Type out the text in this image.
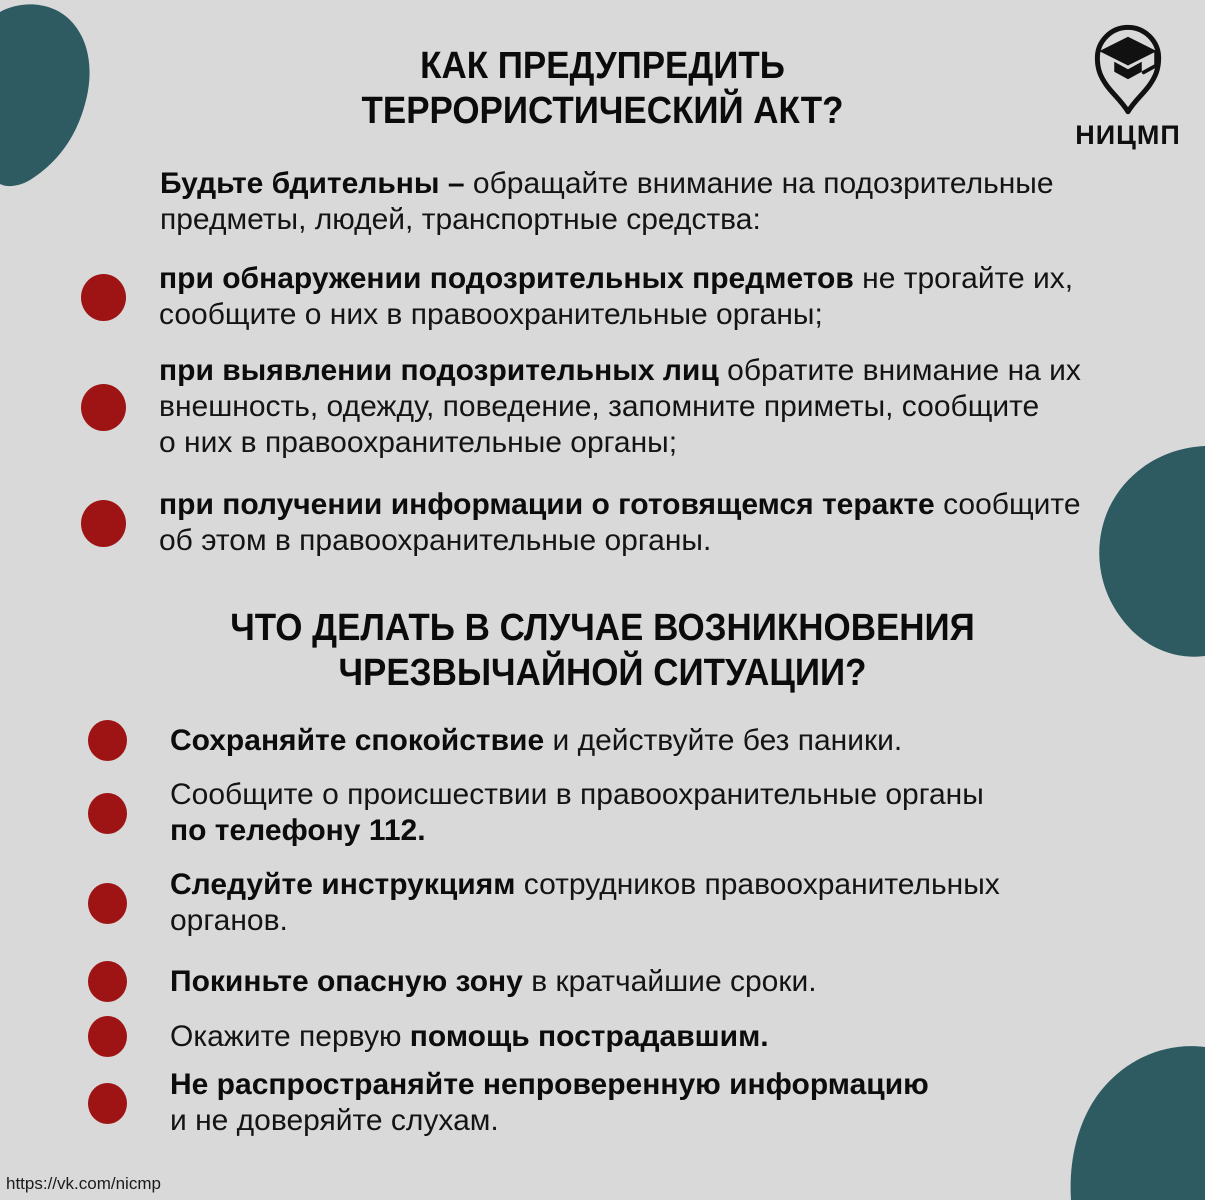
КАК ПРЕДУПРЕДИТЬ
ТЕРРОРИСТИЧЕСКИЙ АКТ?
НИЦМП
Будьте бдительны – обращайте внимание на подозрительные
предметы, людей, транспортные средства:
при обнаружении подозрительных предметов не трогайте их,
сообщите о них в правоохранительные органы;
при выявлении подозрительных лиц обратите внимание на их
внешность, одежду, поведение, запомните приметы, сообщите
о них в правоохранительные органы;
при получении информации о готовящемся теракте сообщите
об этом в правоохранительные органы.
ЧТО ДЕЛАТЬ В СЛУЧАЕ ВОЗНИКНОВЕНИЯ
ЧРЕЗВЫЧАЙНОЙ СИТУАЦИИ?
Сохраняйте спокойствие и действуйте без паники.
Сообщите о происшествии в правоохранительные органы
по телефону 112.
Следуйте инструкциям сотрудников правоохранительных
органов.
Покиньте опасную зону в кратчайшие сроки.
Окажите первую помощь пострадавшим.
Не распространяйте непроверенную информацию
и не доверяйте слухам.
https://vk.com/nicmp
